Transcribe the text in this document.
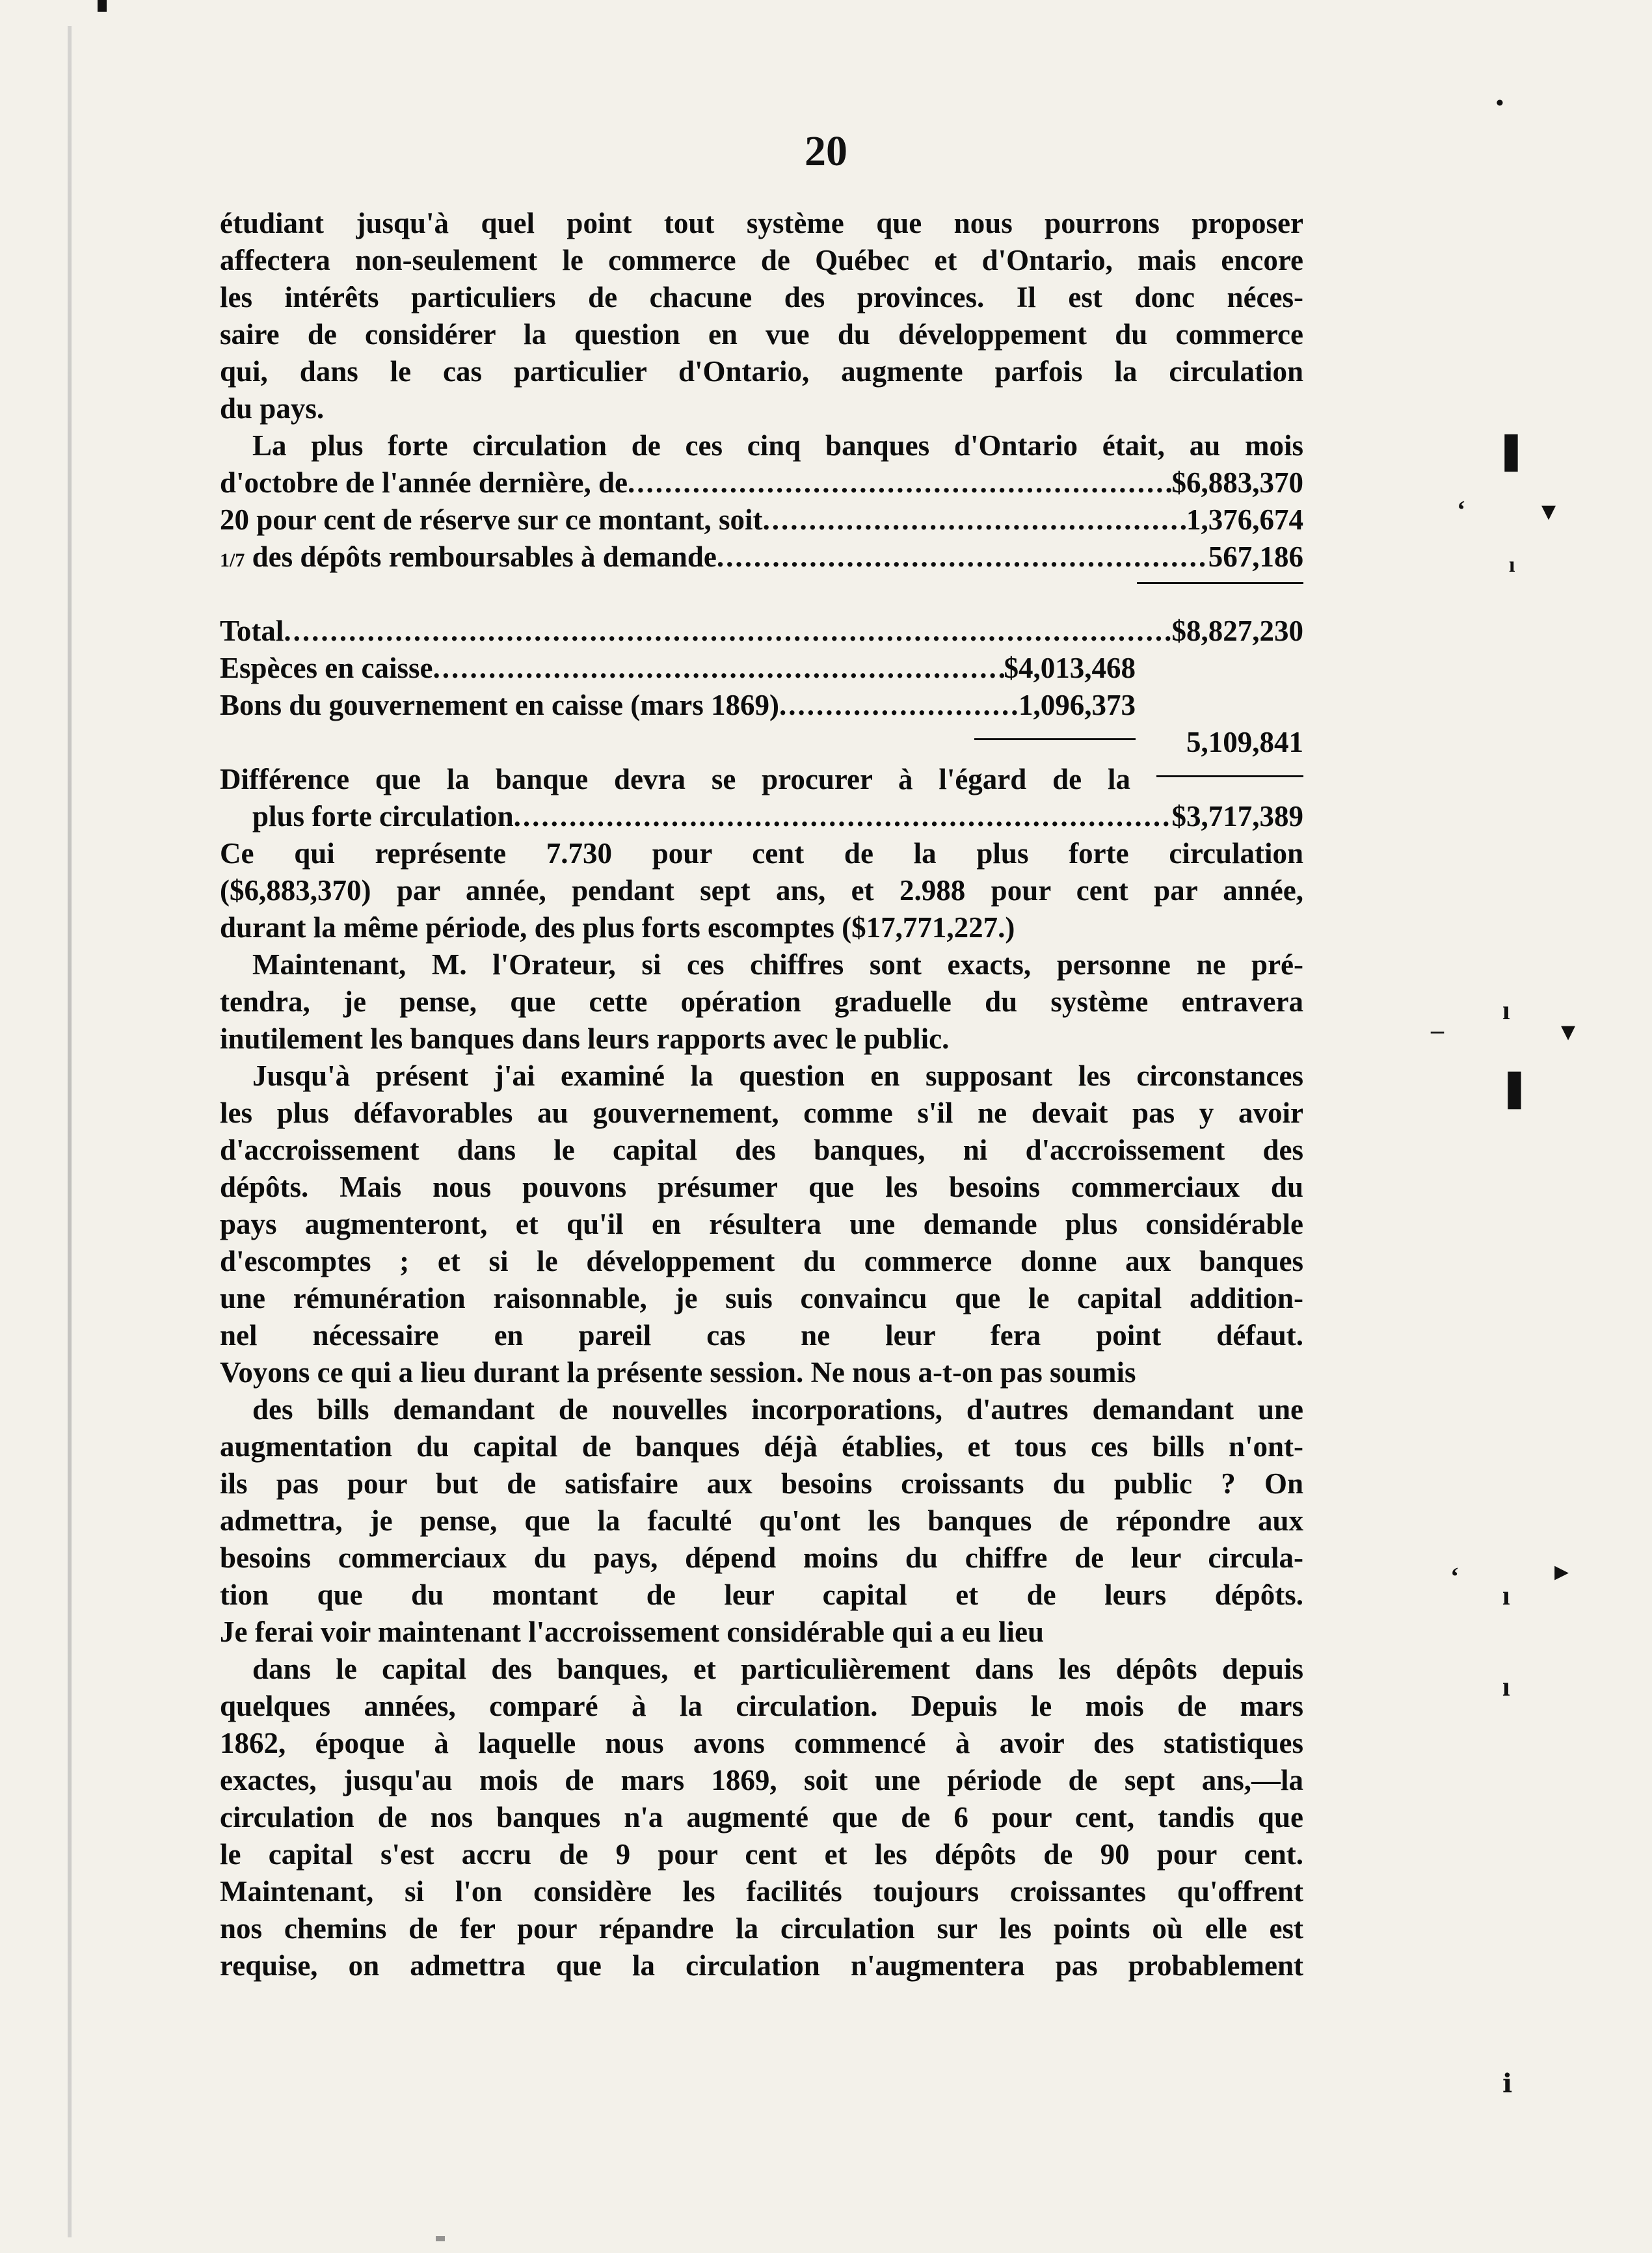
20
étudiant jusqu'à quel point tout système que nous pourrons proposer
affectera non-seulement le commerce de Québec et d'Ontario, mais encore
les intérêts particuliers de chacune des provinces. Il est donc néces-
saire de considérer la question en vue du développement du commerce
qui, dans le cas particulier d'Ontario, augmente parfois la circulation
du pays.
La plus forte circulation de ces cinq banques d'Ontario était, au mois
d'octobre de l'année dernière, de .....	$6,883,370
20 pour cent de réserve sur ce montant, soit .....	1,376,674
1/7 des dépôts remboursables à demande .....	567,186
Total .....	$8,827,230
Espèces en caisse .....	$4,013,468
Bons du gouvernement en caisse (mars 1869) .....	1,096,373
5,109,841
Différence que la banque devra se procurer à l'égard de la
plus forte circulation .....	$3,717,389
Ce qui représente 7.730 pour cent de la plus forte circulation
($6,883,370) par année, pendant sept ans, et 2.988 pour cent par année,
durant la même période, des plus forts escomptes ($17,771,227.)
Maintenant, M. l'Orateur, si ces chiffres sont exacts, personne ne pré-
tendra, je pense, que cette opération graduelle du système entravera
inutilement les banques dans leurs rapports avec le public.
Jusqu'à présent j'ai examiné la question en supposant les circonstances
les plus défavorables au gouvernement, comme s'il ne devait pas y avoir
d'accroissement dans le capital des banques, ni d'accroissement des
dépôts. Mais nous pouvons présumer que les besoins commerciaux du
pays augmenteront, et qu'il en résultera une demande plus considérable
d'escomptes ; et si le développement du commerce donne aux banques
une rémunération raisonnable, je suis convaincu que le capital addition-
nel nécessaire en pareil cas ne leur fera point défaut.
Voyons ce qui a lieu durant la présente session. Ne nous a-t-on pas soumis
des bills demandant de nouvelles incorporations, d'autres demandant une
augmentation du capital de banques déjà établies, et tous ces bills n'ont-
ils pas pour but de satisfaire aux besoins croissants du public ? On
admettra, je pense, que la faculté qu'ont les banques de répondre aux
besoins commerciaux du pays, dépend moins du chiffre de leur circula-
tion que du montant de leur capital et de leurs dépôts.
Je ferai voir maintenant l'accroissement considérable qui a eu lieu
dans le capital des banques, et particulièrement dans les dépôts depuis
quelques années, comparé à la circulation. Depuis le mois de mars
1862, époque à laquelle nous avons commencé à avoir des statistiques
exactes, jusqu'au mois de mars 1869, soit une période de sept ans,—la
circulation de nos banques n'a augmenté que de 6 pour cent, tandis que
le capital s'est accru de 9 pour cent et les dépôts de 90 pour cent.
Maintenant, si l'on considère les facilités toujours croissantes qu'offrent
nos chemins de fer pour répandre la circulation sur les points où elle est
requise, on admettra que la circulation n'augmentera pas probablement
•
❚
ʻ	▾
ı
–
ı
▾
❚
ʻ	▸
ı
ı
ⅰ
